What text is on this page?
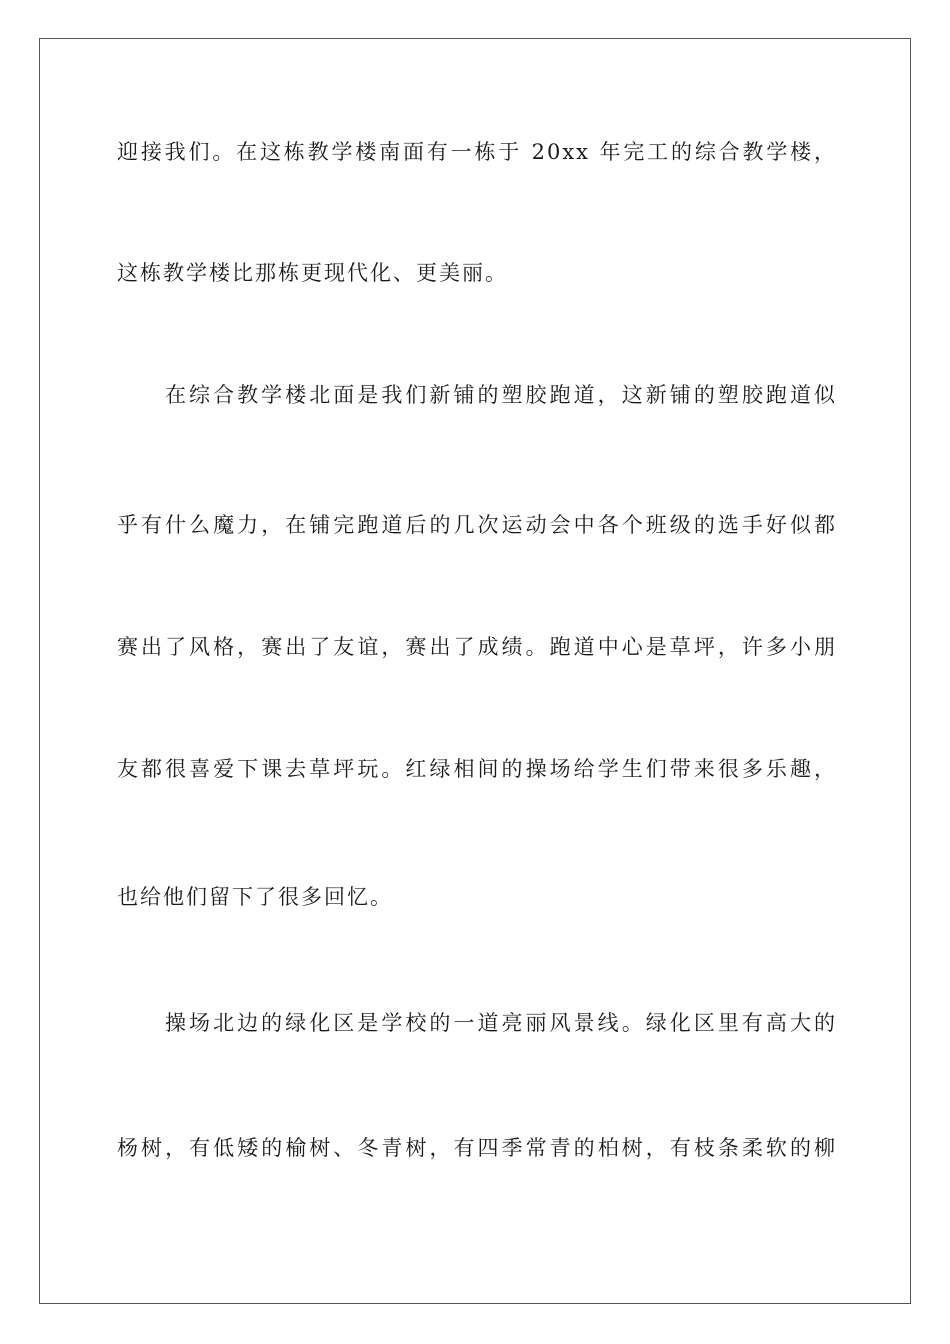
迎接我们。在这栋教学楼南面有一栋于 20xx 年完工的综合教学楼，
这栋教学楼比那栋更现代化、更美丽。
在综合教学楼北面是我们新铺的塑胶跑道，这新铺的塑胶跑道似
乎有什么魔力，在铺完跑道后的几次运动会中各个班级的选手好似都
赛出了风格，赛出了友谊，赛出了成绩。跑道中心是草坪，许多小朋
友都很喜爱下课去草坪玩。红绿相间的操场给学生们带来很多乐趣，
也给他们留下了很多回忆。
操场北边的绿化区是学校的一道亮丽风景线。绿化区里有高大的
杨树，有低矮的榆树、冬青树，有四季常青的柏树，有枝条柔软的柳
